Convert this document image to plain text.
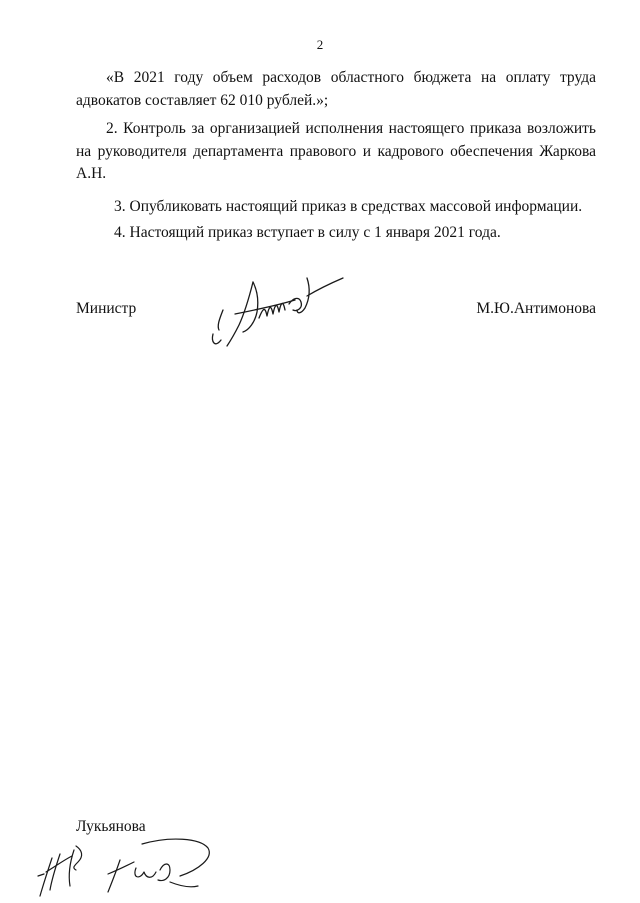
2

«В 2021 году объем расходов областного бюджета на оплату труда адвокатов составляет 62 010 рублей.»;

2. Контроль за организацией исполнения настоящего приказа возложить на руководителя департамента правового и кадрового обеспечения Жаркова А.Н.

3. Опубликовать настоящий приказ в средствах массовой информации.

4. Настоящий приказ вступает в силу с 1 января 2021 года.

Министр	М.Ю.Антимонова
Лукьянова
